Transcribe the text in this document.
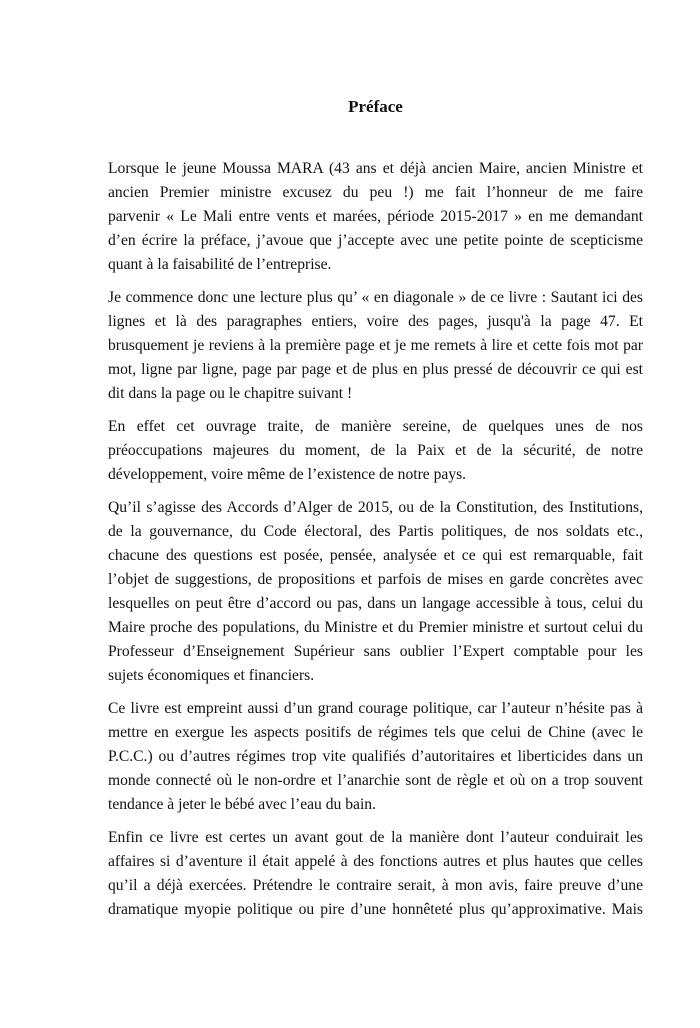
Préface

Lorsque le jeune Moussa MARA (43 ans et déjà ancien Maire, ancien Ministre et
ancien Premier ministre excusez du peu !) me fait l’honneur de me faire
parvenir « Le Mali entre vents et marées, période 2015-2017 » en me demandant
d’en écrire la préface, j’avoue que j’accepte avec une petite pointe de scepticisme
quant à la faisabilité de l’entreprise.

Je commence donc une lecture plus qu’ « en diagonale » de ce livre : Sautant ici des
lignes et là des paragraphes entiers, voire des pages, jusqu'à la page 47. Et
brusquement je reviens à la première page et je me remets à lire et cette fois mot par
mot, ligne par ligne, page par page et de plus en plus pressé de découvrir ce qui est
dit dans la page ou le chapitre suivant !

En effet cet ouvrage traite, de manière sereine, de quelques unes de nos
préoccupations majeures du moment, de la Paix et de la sécurité, de notre
développement, voire même de l’existence de notre pays.

Qu’il s’agisse des Accords d’Alger de 2015, ou de la Constitution, des Institutions,
de la gouvernance, du Code électoral, des Partis politiques, de nos soldats etc.,
chacune des questions est posée, pensée, analysée et ce qui est remarquable, fait
l’objet de suggestions, de propositions et parfois de mises en garde concrètes avec
lesquelles on peut être d’accord ou pas, dans un langage accessible à tous, celui du
Maire proche des populations, du Ministre et du Premier ministre et surtout celui du
Professeur d’Enseignement Supérieur sans oublier l’Expert comptable pour les
sujets économiques et financiers.

Ce livre est empreint aussi d’un grand courage politique, car l’auteur n’hésite pas à
mettre en exergue les aspects positifs de régimes tels que celui de Chine (avec le
P.C.C.) ou d’autres régimes trop vite qualifiés d’autoritaires et liberticides dans un
monde connecté où le non-ordre et l’anarchie sont de règle et où on a trop souvent
tendance à jeter le bébé avec l’eau du bain.

Enfin ce livre est certes un avant gout de la manière dont l’auteur conduirait les
affaires si d’aventure il était appelé à des fonctions autres et plus hautes que celles
qu’il a déjà exercées. Prétendre le contraire serait, à mon avis, faire preuve d’une
dramatique myopie politique ou pire d’une honnêteté plus qu’approximative. Mais
